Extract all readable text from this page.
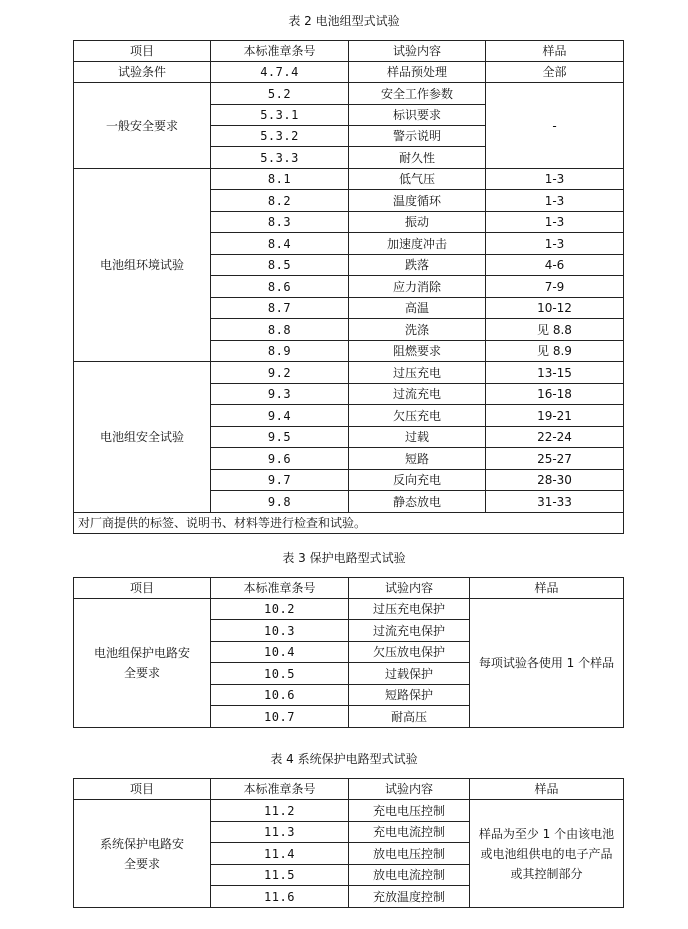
表 2 电池组型式试验
项目	本标准章条号	试验内容	样品
试验条件	4.7.4	样品预处理	全部
一般安全要求	5.2	安全工作参数	-
	5.3.1	标识要求	
	5.3.2	警示说明	
	5.3.3	耐久性	
电池组环境试验	8.1	低气压	1-3
	8.2	温度循环	1-3
	8.3	振动	1-3
	8.4	加速度冲击	1-3
	8.5	跌落	4-6
	8.6	应力消除	7-9
	8.7	高温	10-12
	8.8	洗涤	见 8.8
	8.9	阻燃要求	见 8.9
电池组安全试验	9.2	过压充电	13-15
	9.3	过流充电	16-18
	9.4	欠压充电	19-21
	9.5	过载	22-24
	9.6	短路	25-27
	9.7	反向充电	28-30
	9.8	静态放电	31-33
对厂商提供的标签、说明书、材料等进行检查和试验。			
表 3 保护电路型式试验
项目	本标准章条号	试验内容	样品
电池组保护电路安全要求	10.2	过压充电保护	每项试验各使用 1 个样品
	10.3	过流充电保护	
	10.4	欠压放电保护	
	10.5	过载保护	
	10.6	短路保护	
	10.7	耐高压	
表 4 系统保护电路型式试验
项目	本标准章条号	试验内容	样品
系统保护电路安全要求	11.2	充电电压控制	样品为至少 1 个由该电池或电池组供电的电子产品或其控制部分
	11.3	充电电流控制	
	11.4	放电电压控制	
	11.5	放电电流控制	
	11.6	充放温度控制	
